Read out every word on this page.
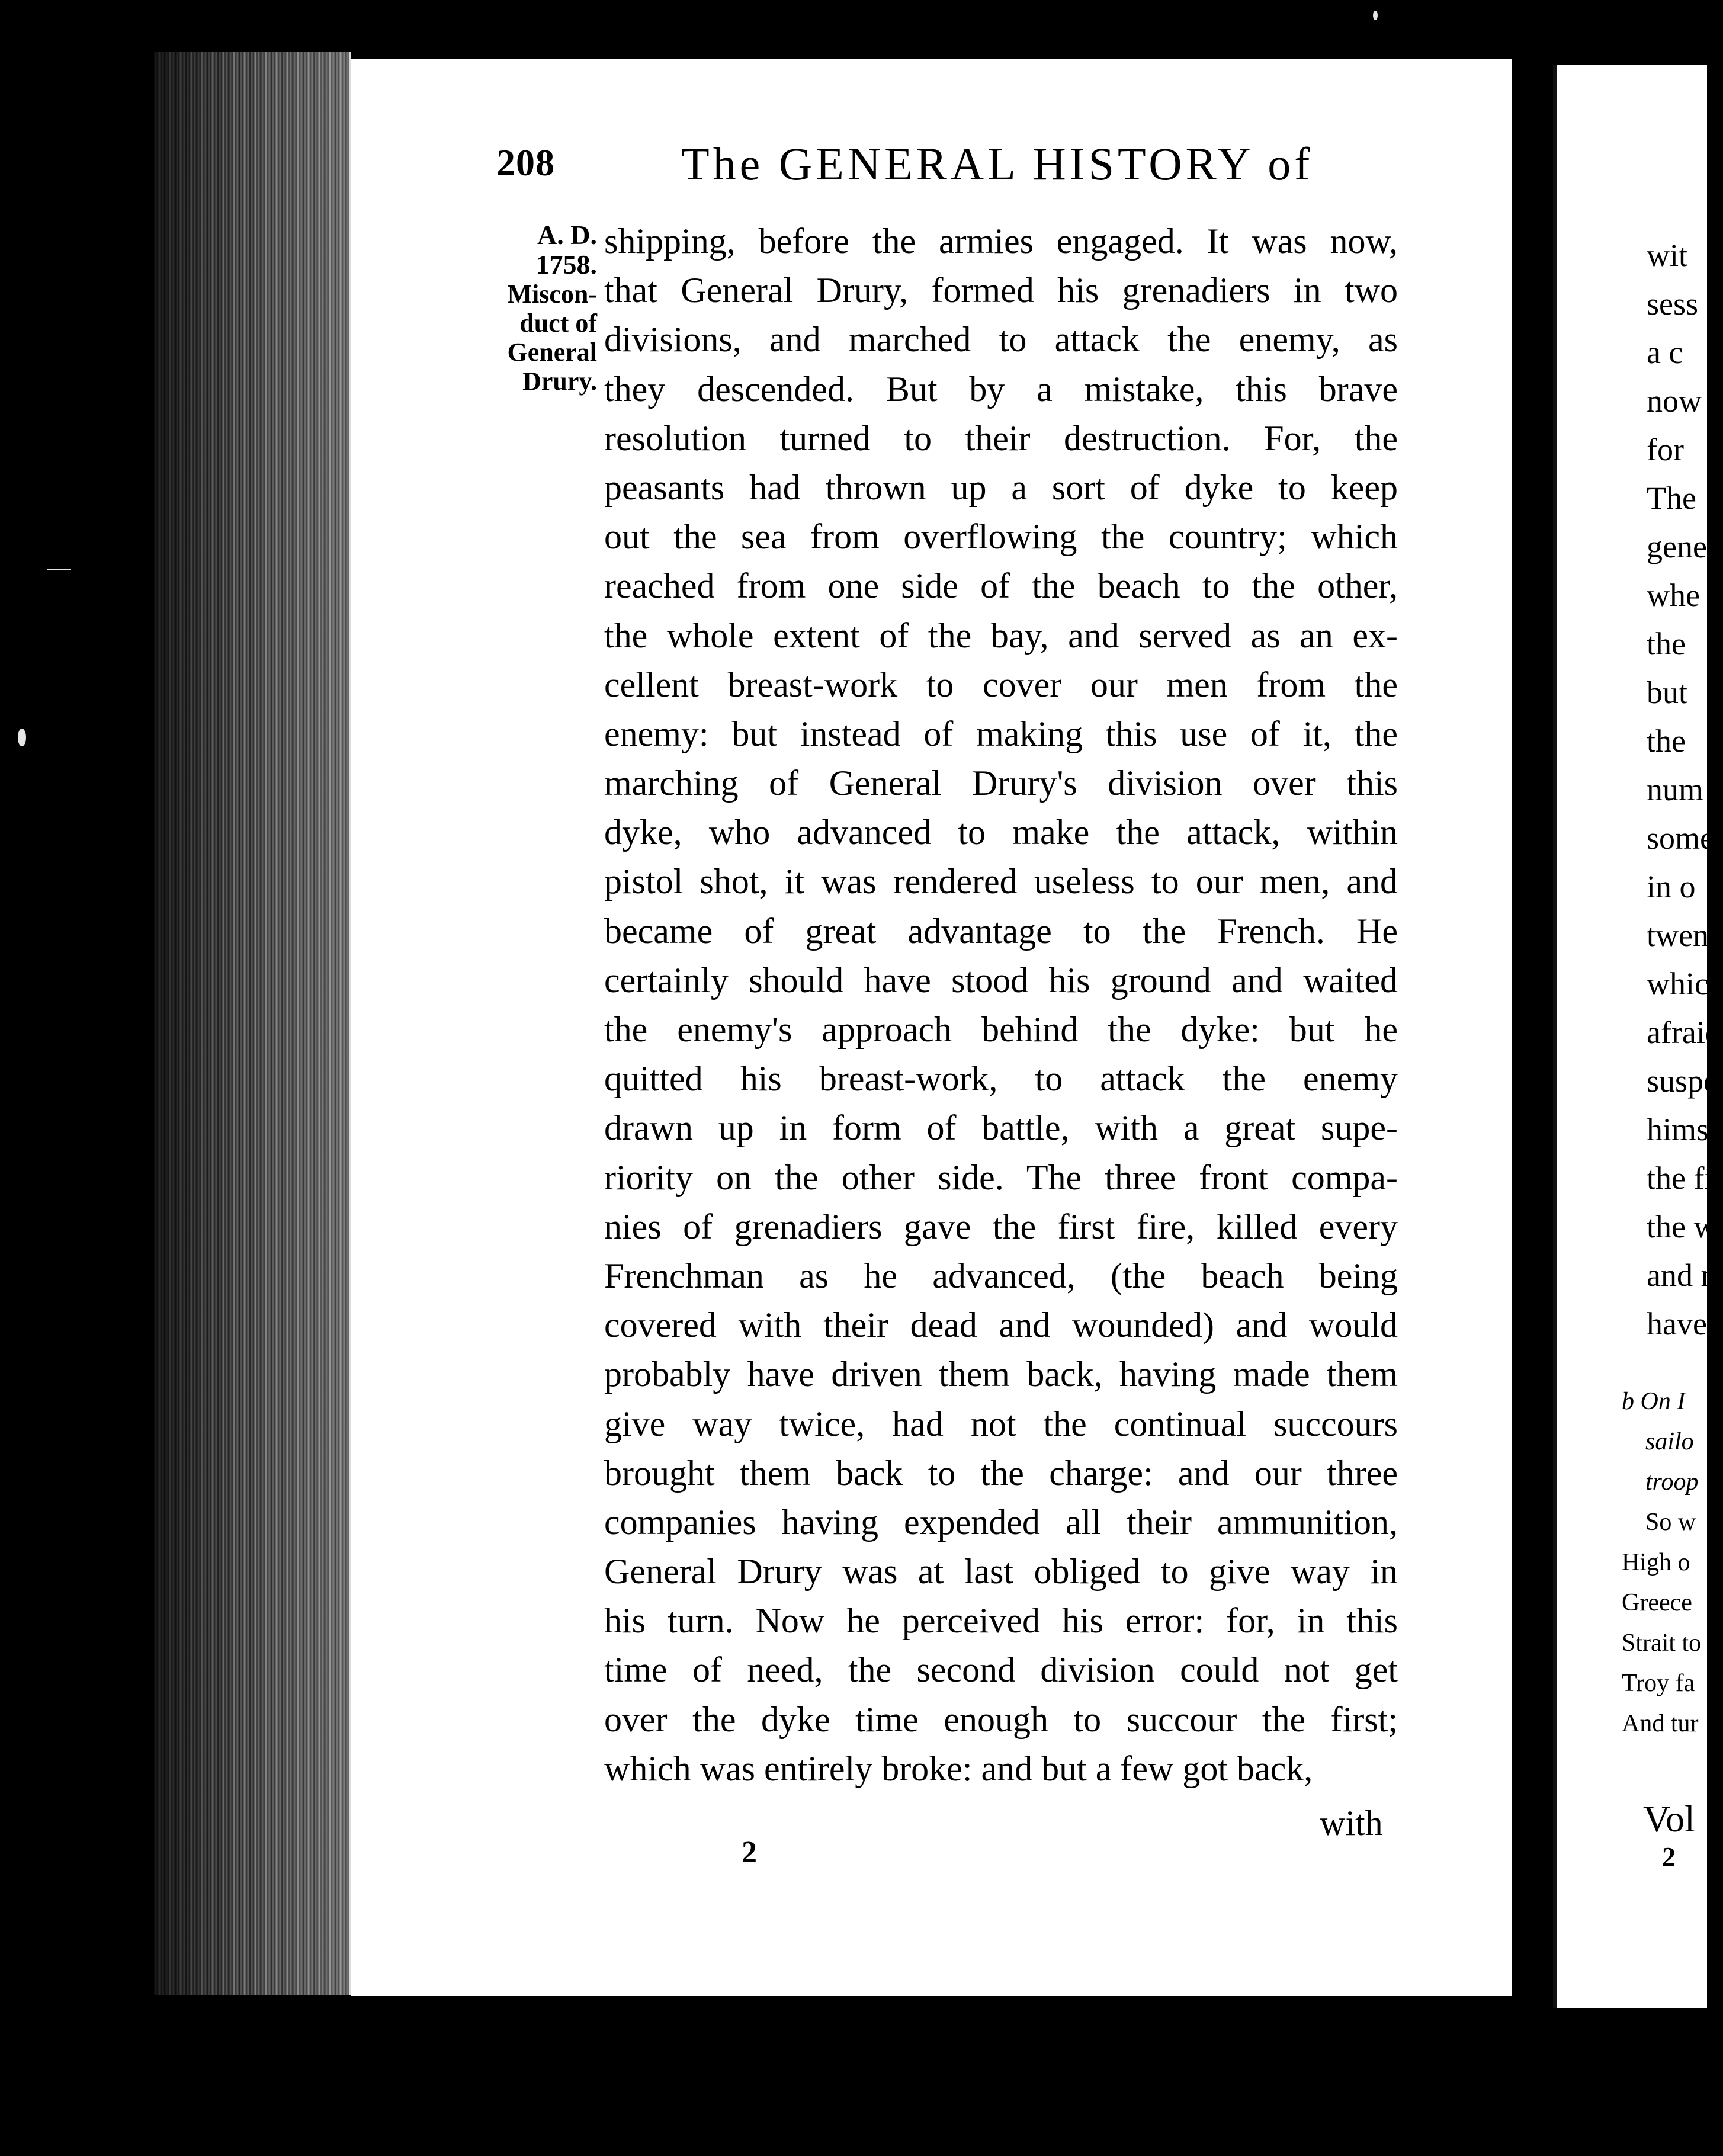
208	The GENERAL HISTORY of
A. D.
1758.
Miscon-
duct of
General
Drury.
shipping, before the armies engaged. It was now,
that General Drury, formed his grenadiers in two
divisions, and marched to attack the enemy, as
they descended. But by a mistake, this brave
resolution turned to their destruction. For, the
peasants had thrown up a sort of dyke to keep
out the sea from overflowing the country; which
reached from one side of the beach to the other,
the whole extent of the bay, and served as an ex-
cellent breast-work to cover our men from the
enemy: but instead of making this use of it, the
marching of General Drury's division over this
dyke, who advanced to make the attack, within
pistol shot, it was rendered useless to our men, and
became of great advantage to the French. He
certainly should have stood his ground and waited
the enemy's approach behind the dyke: but he
quitted his breast-work, to attack the enemy
drawn up in form of battle, with a great supe-
riority on the other side. The three front compa-
nies of grenadiers gave the first fire, killed every
Frenchman as he advanced, (the beach being
covered with their dead and wounded) and would
probably have driven them back, having made them
give way twice, had not the continual succours
brought them back to the charge: and our three
companies having expended all their ammunition,
General Drury was at last obliged to give way in
his turn. Now he perceived his error: for, in this
time of need, the second division could not get
over the dyke time enough to succour the first;
which was entirely broke: and but a few got back,
with
2
wit
sess
a c
now
for
The
gene
whe
the
but
the
num
some
in o
twen
whic
afraid
suspe
himse
the fi
the w
and n
have
b On I
sailo
troop
So w
High o
Greece
Strait to
Troy fa
And tur
Vol
2
